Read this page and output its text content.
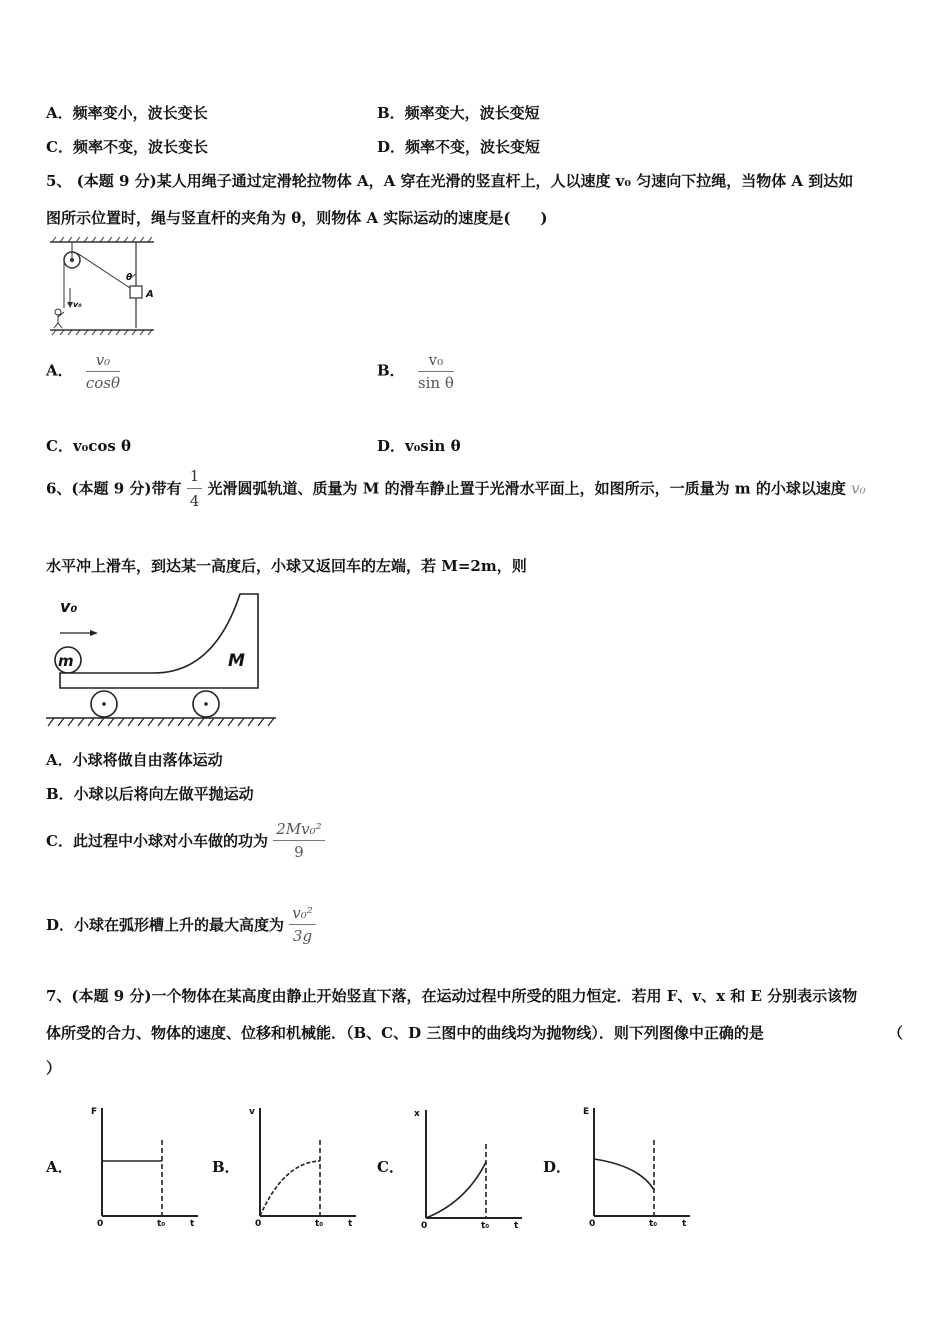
A．频率变小，波长变长	B．频率变大，波长变短
C．频率不变，波长变长	D．频率不变，波长变短
5、 (本题 9 分)某人用绳子通过定滑轮拉物体 A，A 穿在光滑的竖直杆上，人以速度 v₀ 匀速向下拉绳，当物体 A 到达如
图所示位置时，绳与竖直杆的夹角为 θ，则物体 A 实际运动的速度是(　　)
θ
A
v₀
A． $\frac{\text{v₀}}{\cos\theta}$	B． $\frac{\text{v₀}}{\text{sin θ}}$
C．v₀cos θ	D．v₀sin θ
6、(本题 9 分)带有 $\frac{1}{4}$ 光滑圆弧轨道、质量为 M 的滑车静止置于光滑水平面上，如图所示，一质量为 m 的小球以速度 v₀
水平冲上滑车，到达某一高度后，小球又返回车的左端，若 M=2m，则
v₀
m	M
A．小球将做自由落体运动
B．小球以后将向左做平抛运动
C．此过程中小球对小车做的功为 $\frac{\text{2Mv₀²}}{9}$
D．小球在弧形槽上升的最大高度为 $\frac{\text{v₀²}}{3g}$
7、(本题 9 分)一个物体在某高度由静止开始竖直下落，在运动过程中所受的阻力恒定．若用 F、v、x 和 E 分别表示该物
体所受的合力、物体的速度、位移和机械能．（B、C、D 三图中的曲线均为抛物线）．则下列图像中正确的是	（
）
A．
F
t
0	t₀
B．
v
t
0	t₀
C．
x
t
0	t₀
D．
E
t
0	t₀
